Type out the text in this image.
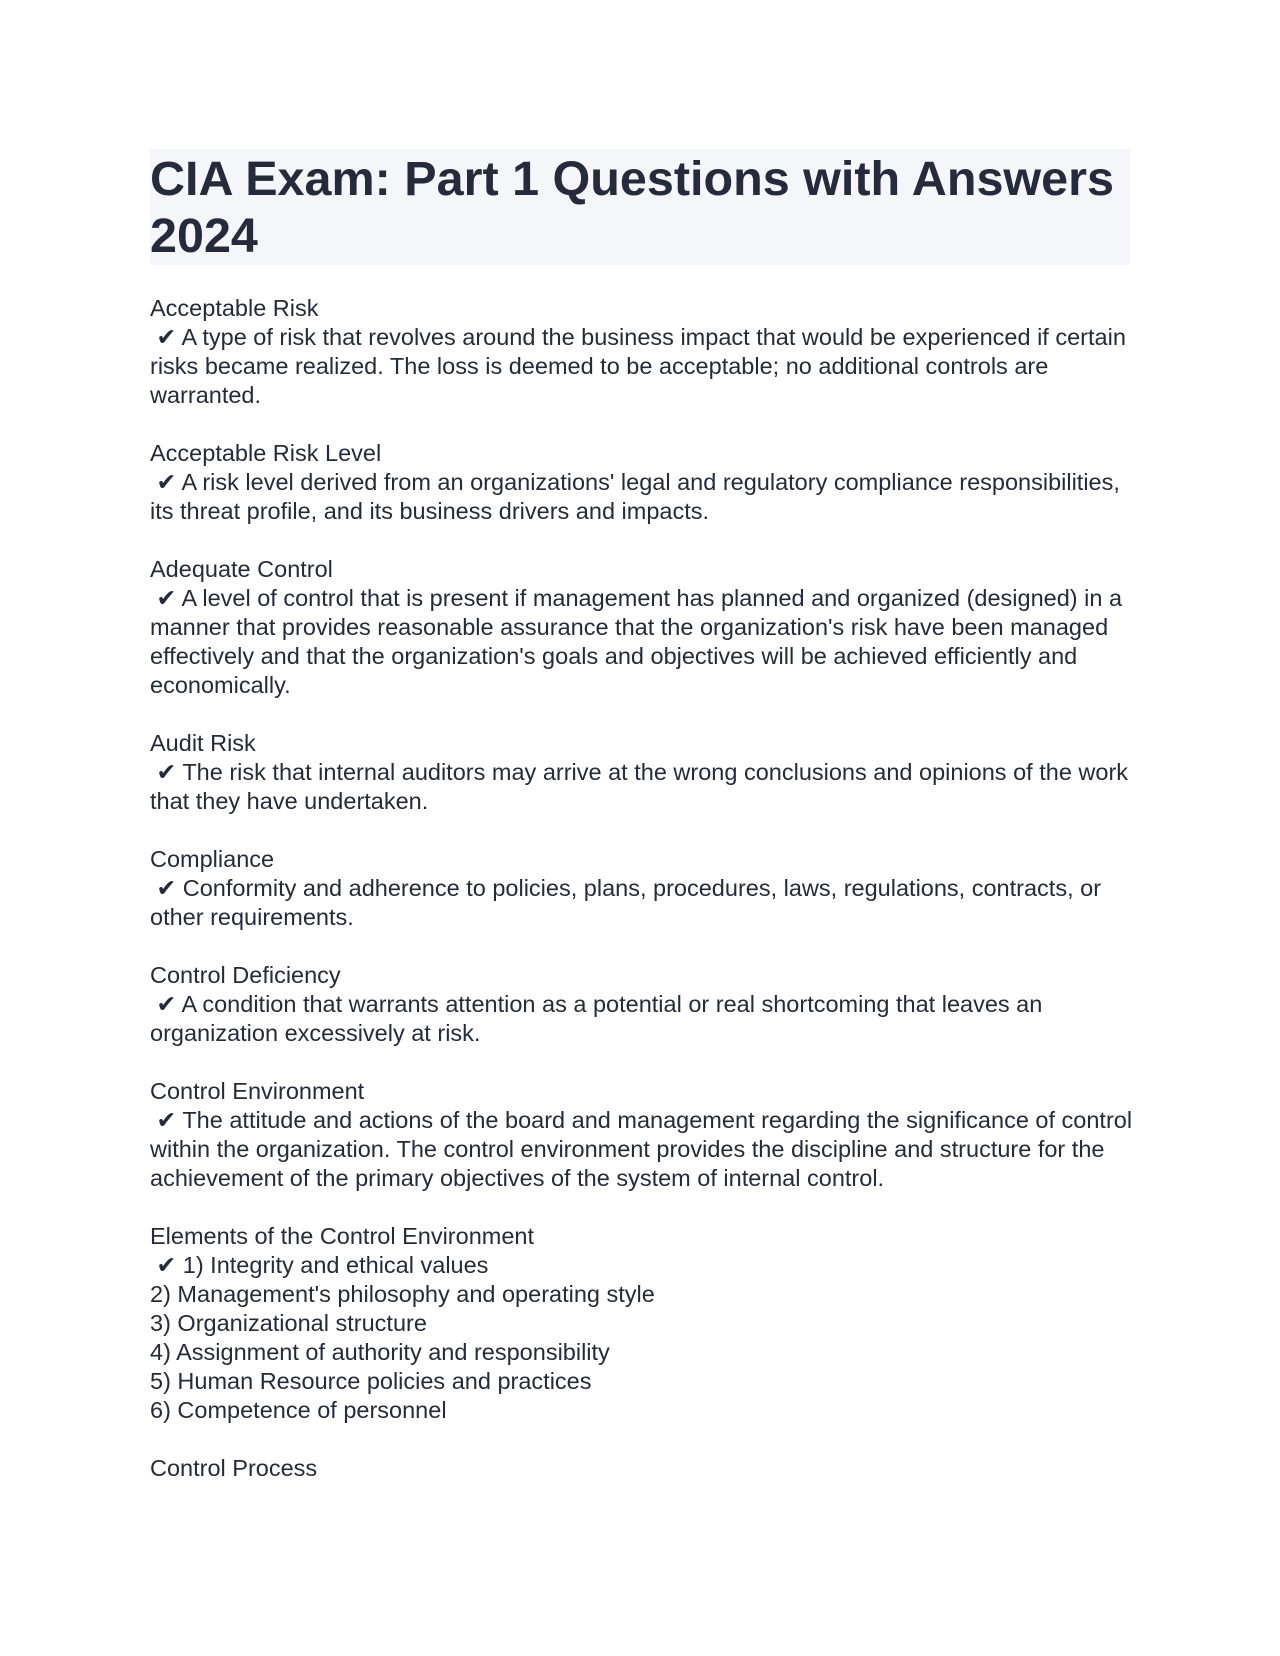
CIA Exam: Part 1 Questions with Answers 2024
Acceptable Risk
✔ A type of risk that revolves around the business impact that would be experienced if certain risks became realized. The loss is deemed to be acceptable; no additional controls are warranted.
Acceptable Risk Level
✔ A risk level derived from an organizations' legal and regulatory compliance responsibilities, its threat profile, and its business drivers and impacts.
Adequate Control
✔ A level of control that is present if management has planned and organized (designed) in a manner that provides reasonable assurance that the organization's risk have been managed effectively and that the organization's goals and objectives will be achieved efficiently and economically.
Audit Risk
✔ The risk that internal auditors may arrive at the wrong conclusions and opinions of the work that they have undertaken.
Compliance
✔ Conformity and adherence to policies, plans, procedures, laws, regulations, contracts, or other requirements.
Control Deficiency
✔ A condition that warrants attention as a potential or real shortcoming that leaves an organization excessively at risk.
Control Environment
✔ The attitude and actions of the board and management regarding the significance of control within the organization. The control environment provides the discipline and structure for the achievement of the primary objectives of the system of internal control.
Elements of the Control Environment
✔ 1) Integrity and ethical values
2) Management's philosophy and operating style
3) Organizational structure
4) Assignment of authority and responsibility
5) Human Resource policies and practices
6) Competence of personnel
Control Process
